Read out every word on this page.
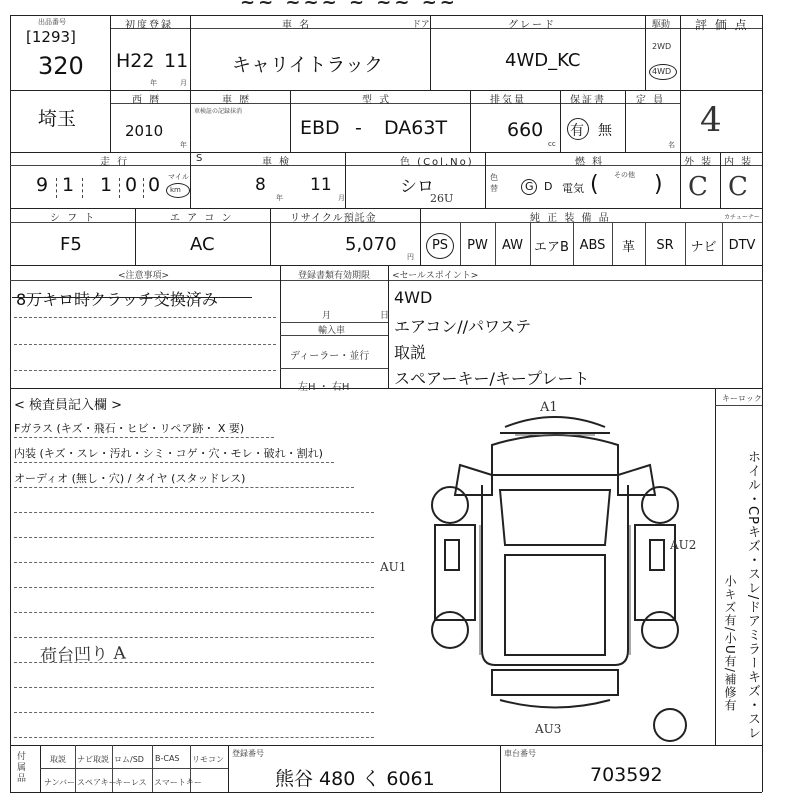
~~ ~~~ ~ ~~ ~~
出品番号
[1293]
320
初度登録
H22 11
年	月
車 名
キャリイトラック
ドア	グレード
4WD_KC
駆動
2WD
4WD
評 価 点
4
埼玉
西 暦
2010
年
車 歴
車検証の記録抹消
型 式
EBD - DA63T
排気量
660
cc
保証書
有 無
定 員
名
走 行
9 1 1 0 0 マイル
km
S	車 検
8
年
11
月
色 (Col.No)
シロ
26U
色替
燃 料
G D 電気 ( その他 )
外 装
C
内 装
C
シ フ ト
F5
エ ア コ ン
AC
リサイクル預託金
5,070
円
純 正 装 備 品	カチューナー
PS	PW	AW エアB ABS	革	SR	ナビ DTV
<注意事項>
8万キロ時クラッチ交換済み
登録書類有効期限
月	日
輸入車
ディーラー・並行
左H ・ 右H
<セールスポイント>
4WD
エアコン//パワステ
取説
スペアーキー/キープレート
< 検査員記入欄 >
Fガラス (キズ・飛石・ヒビ・リペア跡・ X 要)
内装 (キズ・スレ・汚れ・シミ・コゲ・穴・モレ・破れ・割れ)
オーディオ (無し・穴) / タイヤ (スタッドレス)
荷台凹り A
A1
AU2
AU1
AU3
キーロック
ホイル・CPキズ・スレ/ドアミラーキズ・スレ
小キズ有/小U有/補修有
付属品
取説 ナビ取説 ロム/SD B-CAS リモコン
ナンバー スペアキー
キーレス スマートキー
登録番号
熊谷 480 く 6061
車台番号
703592
